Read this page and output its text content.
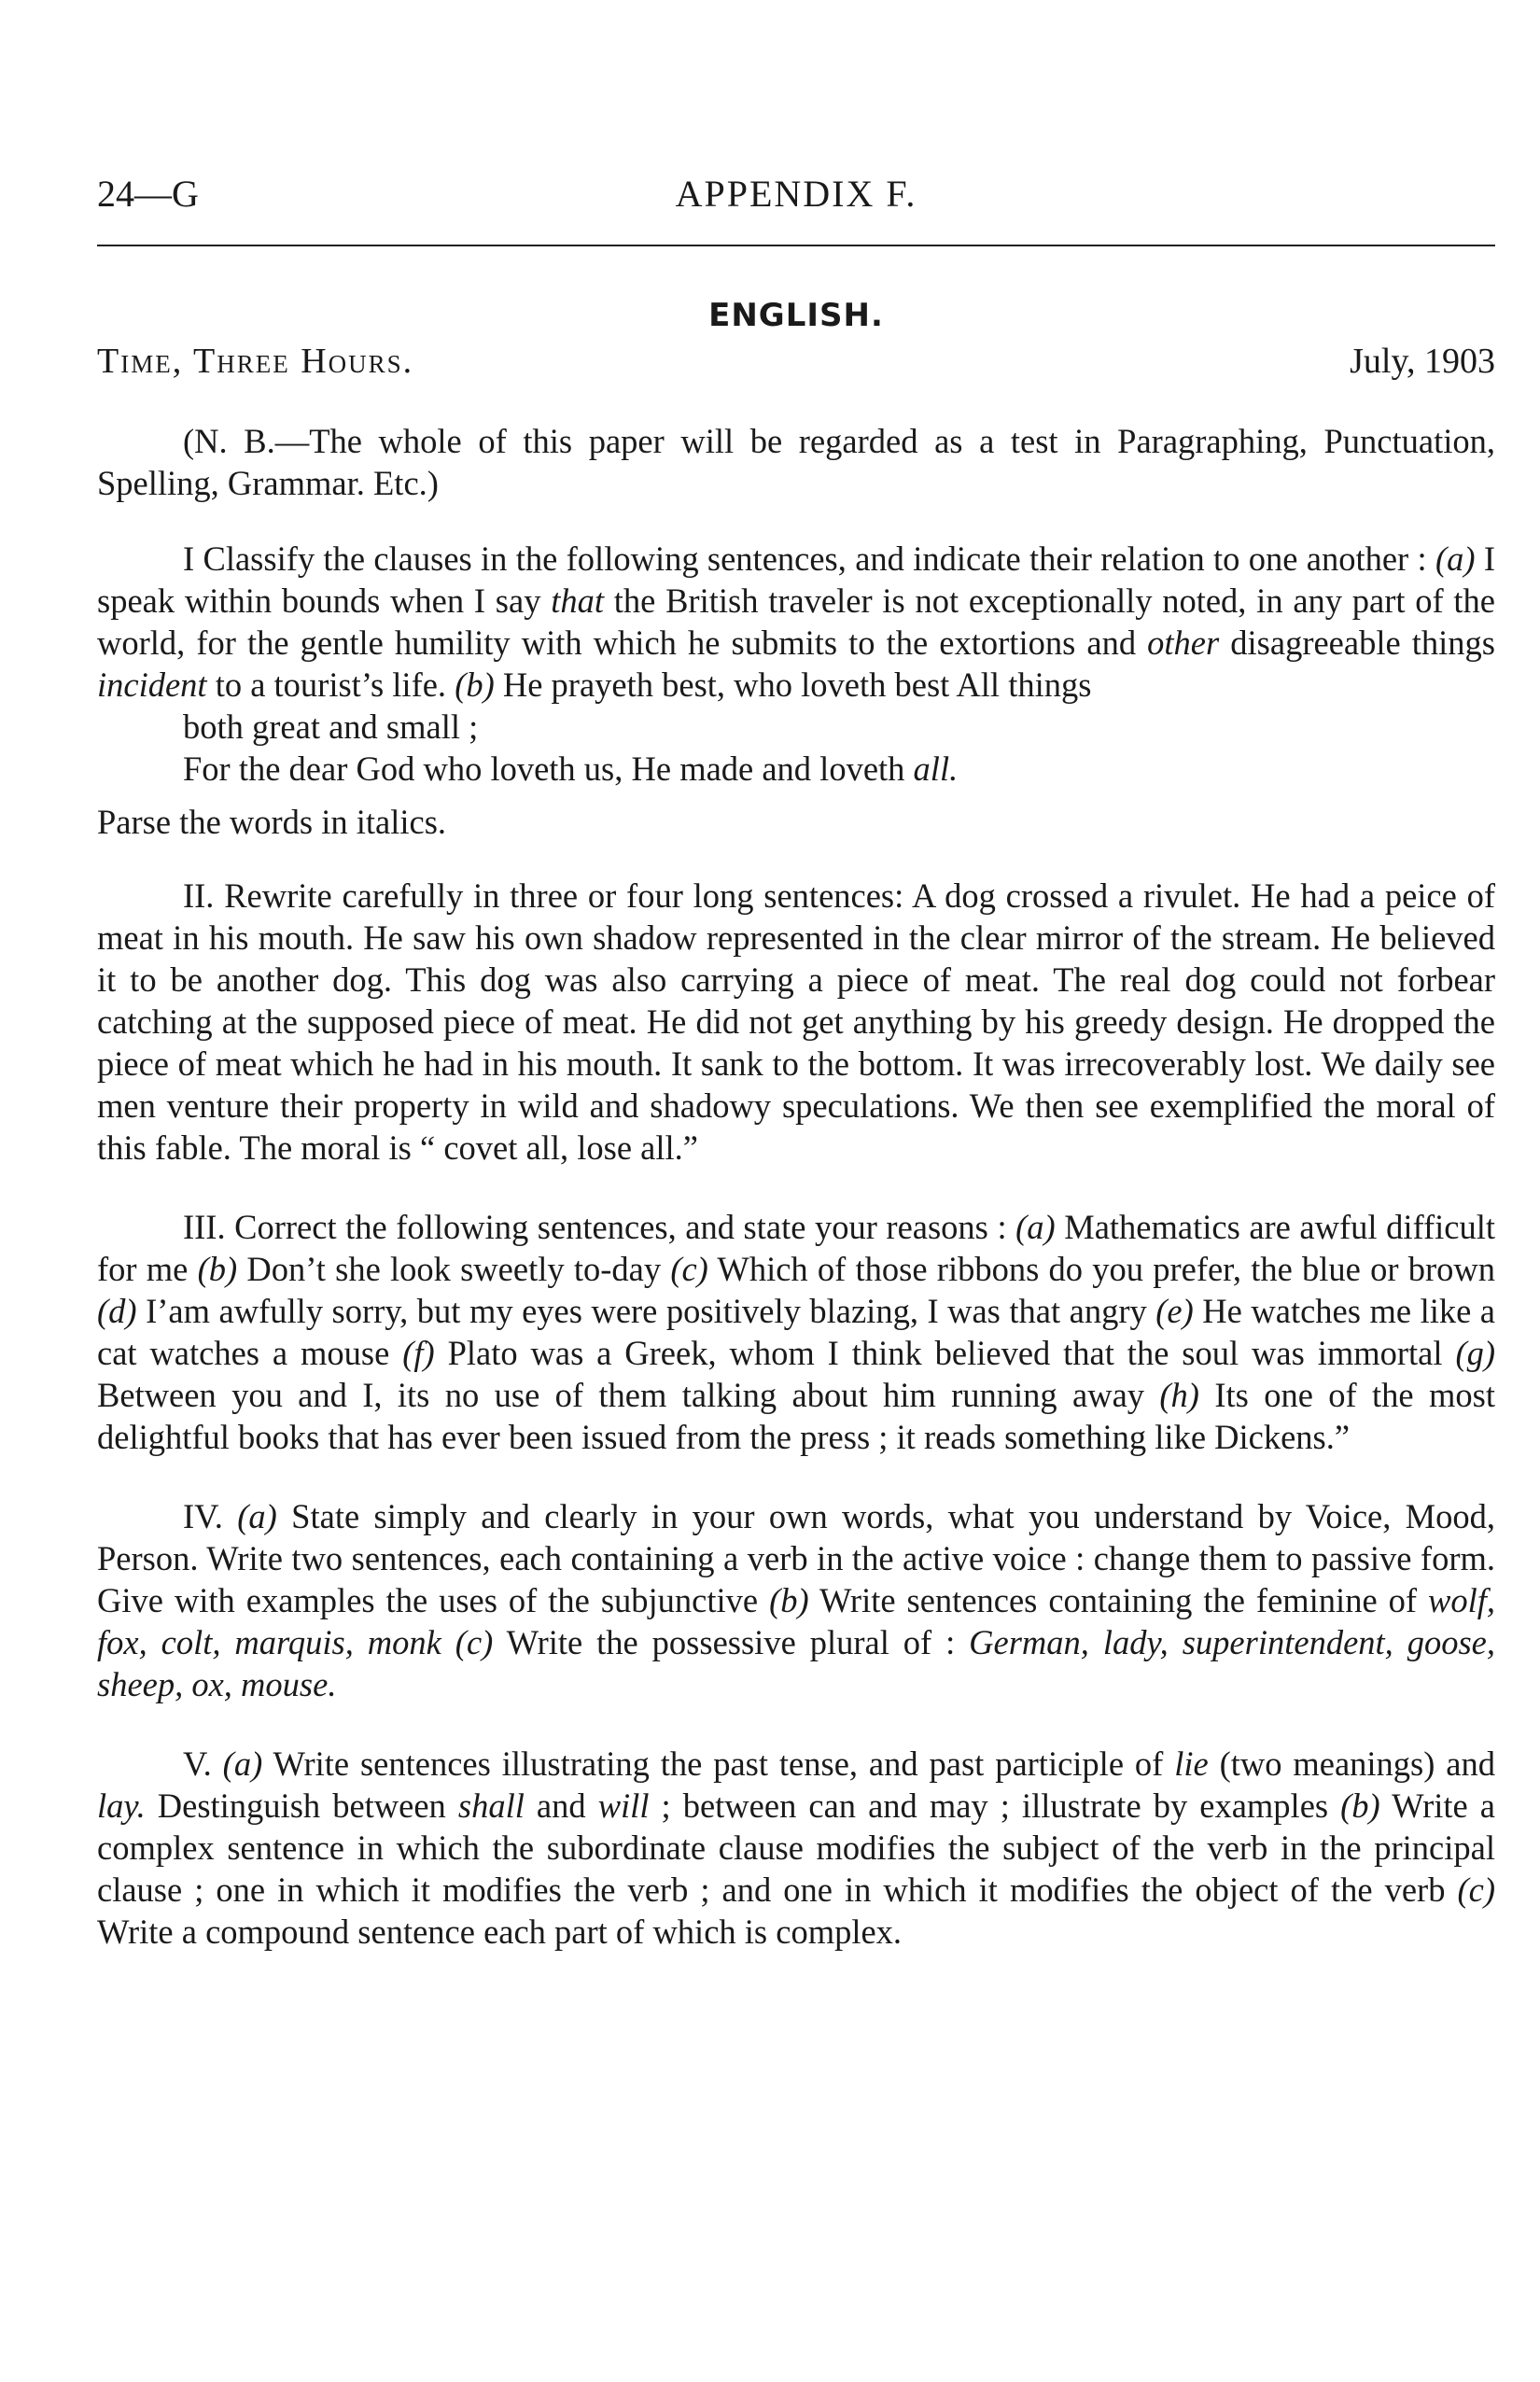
24—G	APPENDIX F.
ENGLISH.
Time, Three Hours.	July, 1903

(N. B.—The whole of this paper will be regarded as a test in Paragraphing, Punctuation, Spelling, Grammar. Etc.)

I Classify the clauses in the following sentences, and indicate their relation to one another : (a) I speak within bounds when I say that the British traveler is not exceptionally noted, in any part of the world, for the gentle humility with which he submits to the extortions and other disagreeable things incident to a tourist’s life. (b) He prayeth best, who loveth best All things

both great and small ;

For the dear God who loveth us, He made and loveth all.

Parse the words in italics.

II. Rewrite carefully in three or four long sentences: A dog crossed a rivulet. He had a peice of meat in his mouth. He saw his own shadow represented in the clear mirror of the stream. He believed it to be another dog. This dog was also carrying a piece of meat. The real dog could not forbear catching at the supposed piece of meat. He did not get anything by his greedy design. He dropped the piece of meat which he had in his mouth. It sank to the bottom. It was irrecoverably lost. We daily see men venture their property in wild and shadowy speculations. We then see exemplified the moral of this fable. The moral is “ covet all, lose all.”

III. Correct the following sentences, and state your reasons : (a) Mathematics are awful difficult for me (b) Don’t she look sweetly to-day (c) Which of those ribbons do you prefer, the blue or brown (d) I’am awfully sorry, but my eyes were positively blazing, I was that angry (e) He watches me like a cat watches a mouse (f) Plato was a Greek, whom I think believed that the soul was immortal (g) Between you and I, its no use of them talking about him running away (h) Its one of the most delightful books that has ever been issued from the press ; it reads something like Dickens.”

IV. (a) State simply and clearly in your own words, what you understand by Voice, Mood, Person. Write two sentences, each containing a verb in the active voice : change them to passive form. Give with examples the uses of the subjunctive (b) Write sentences containing the feminine of wolf, fox, colt, marquis, monk (c) Write the possessive plural of : German, lady, superintendent, goose, sheep, ox, mouse.

V. (a) Write sentences illustrating the past tense, and past participle of lie (two meanings) and lay. Destinguish between shall and will ; between can and may ; illustrate by examples (b) Write a complex sentence in which the subordinate clause modifies the subject of the verb in the principal clause ; one in which it modifies the verb ; and one in which it modifies the object of the verb (c) Write a compound sentence each part of which is complex.
